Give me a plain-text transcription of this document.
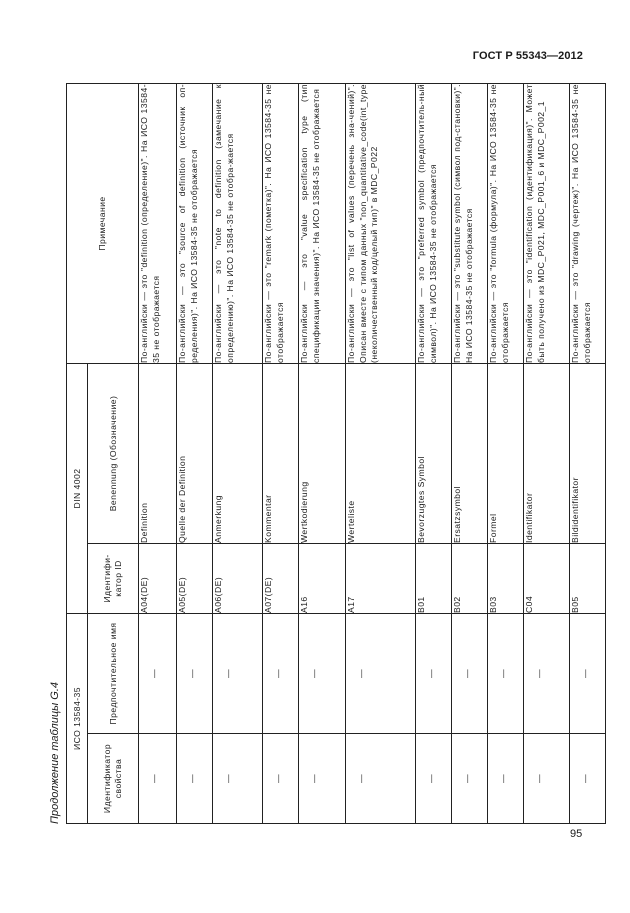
ГОСТ Р 55343—2012
Продолжение таблицы G.4	ИСО 13584-35		DIN 4002		Примечание
Идентификатор свойства	Предпочтительное имя	Идентифи-катор ID	Benennung (Обозначение)	
—	—	A04(DE)	Definition	По-английски — это "definition (определение)". На ИСО 13584-35 не отображается
—	—	A05(DE)	Quelle der Definition	По-английски — это "source of definition (источник оп-ределения)". На ИСО 13584-35 не отображается
—	—	A06(DE)	Anmerkung	По-английски — это "note to definition (замечание к определению)". На ИСО 13584-35 не отобра-жается
—	—	A07(DE)	Kommentar	По-английски — это "remark (пометка)". На ИСО 13584-35 не отображается
—	—	A16	Wertkodierung	По-английски — это "value specification type (тип спецификации значения)". На ИСО 13584-35 не отображается
—	—	A17	Werteliste	По-английски — это "list of values (перечень зна-чений)". Описан вместе с типом данных "non_quantitative_code(int_type (неколичественный код/целый тип)" в MDC_P022
—	—	B01	Bevorzugtes Symbol	По-английски — это "preferred symbol (предпочтитель-ный символ)". На ИСО 13584-35 не отображается
—	—	B02	Ersatzsymbol	По-английски — это "substitute symbol (символ под-становки)". На ИСО 13584-35 не отображается
—	—	B03	Formel	По-английски — это "formula (формула)". На ИСО 13584-35 не отображается
—	—	C04	Identifikator	По-английски — это "identification (идентификация)". Может быть получено из MDC_P021, MDC_P001_6 и MDC_P002_1
—	—	B05	Bildidentifikator	По-английски — это "drawing (чертеж)". На ИСО 13584-35 не отображается
95
